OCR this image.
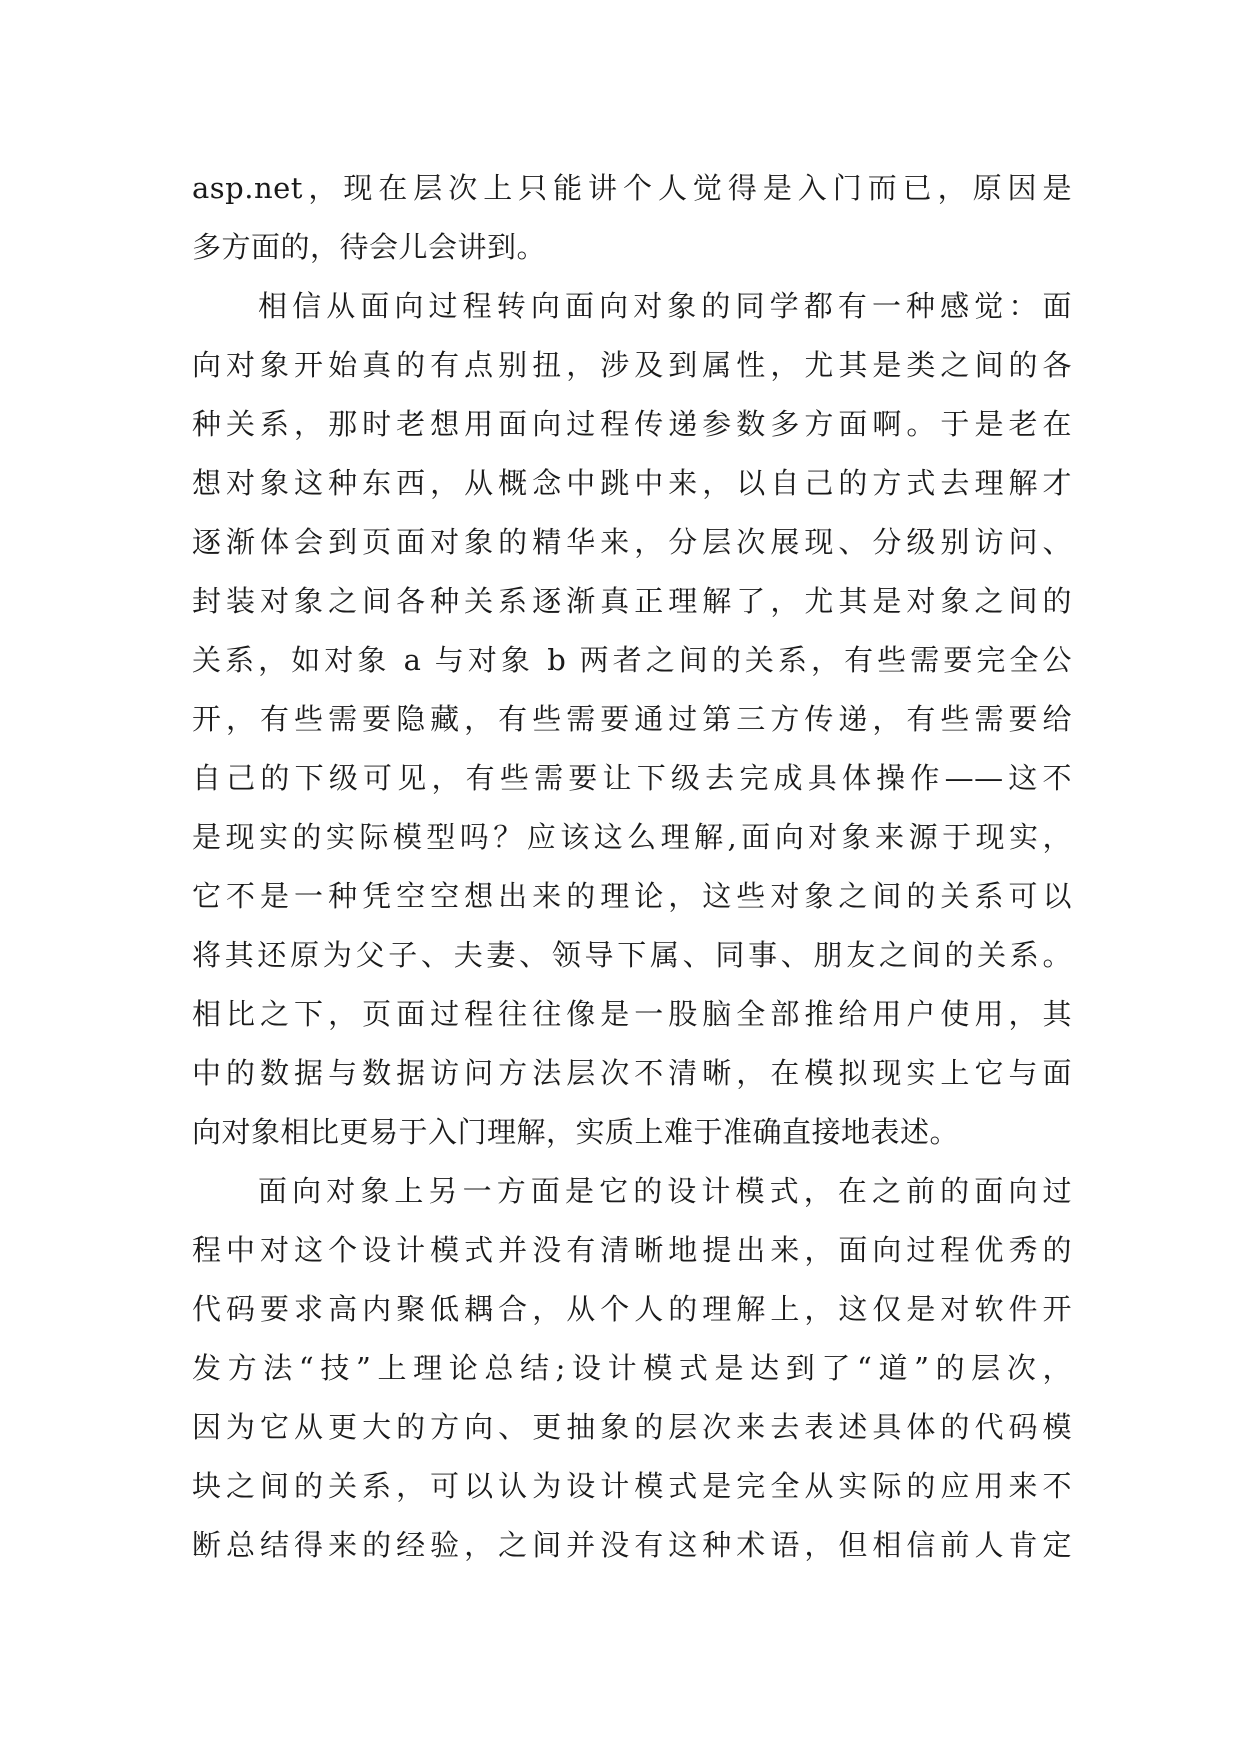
asp.net，现在层次上只能讲个人觉得是入门而已，原因是
多方面的，待会儿会讲到。
相信从面向过程转向面向对象的同学都有一种感觉：面
向对象开始真的有点别扭，涉及到属性，尤其是类之间的各
种关系，那时老想用面向过程传递参数多方面啊。于是老在
想对象这种东西，从概念中跳中来，以自己的方式去理解才
逐渐体会到页面对象的精华来，分层次展现、分级别访问、
封装对象之间各种关系逐渐真正理解了，尤其是对象之间的
关系，如对象 a 与对象 b 两者之间的关系，有些需要完全公
开，有些需要隐藏，有些需要通过第三方传递，有些需要给
自己的下级可见，有些需要让下级去完成具体操作——这不
是现实的实际模型吗？应该这么理解,面向对象来源于现实，
它不是一种凭空空想出来的理论，这些对象之间的关系可以
将其还原为父子、夫妻、领导下属、同事、朋友之间的关系。
相比之下，页面过程往往像是一股脑全部推给用户使用，其
中的数据与数据访问方法层次不清晰，在模拟现实上它与面
向对象相比更易于入门理解，实质上难于准确直接地表述。
面向对象上另一方面是它的设计模式，在之前的面向过
程中对这个设计模式并没有清晰地提出来，面向过程优秀的
代码要求高内聚低耦合，从个人的理解上，这仅是对软件开
发方法“技”上理论总结;设计模式是达到了“道”的层次，
因为它从更大的方向、更抽象的层次来去表述具体的代码模
块之间的关系，可以认为设计模式是完全从实际的应用来不
断总结得来的经验，之间并没有这种术语，但相信前人肯定
